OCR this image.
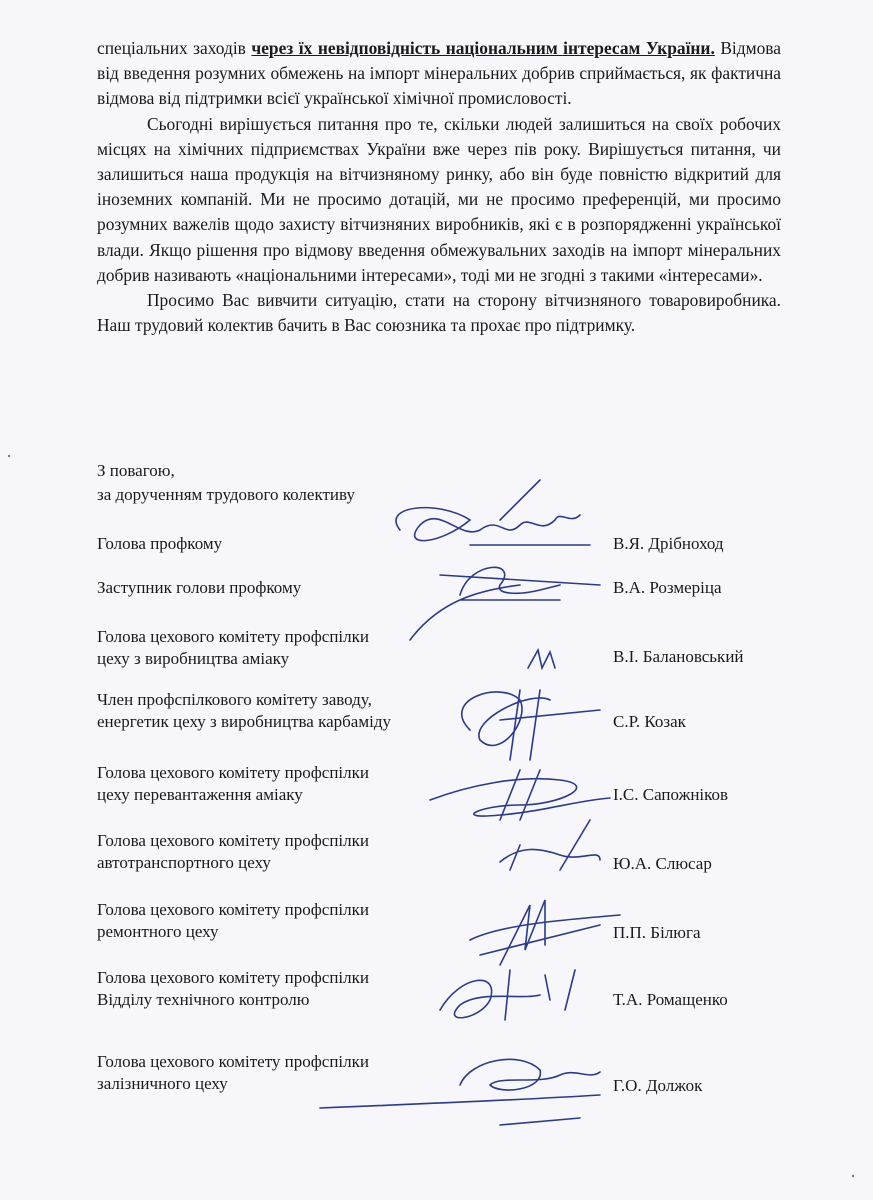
спеціальних заходів через їх невідповідність національним інтересам України. Відмова від введення розумних обмежень на імпорт мінеральних добрив сприймається, як фактична відмова від підтримки всієї української хімічної промисловості.

Сьогодні вирішується питання про те, скільки людей залишиться на своїх робочих місцях на хімічних підприємствах України вже через пів року. Вирішується питання, чи залишиться наша продукція на вітчизняному ринку, або він буде повністю відкритий для іноземних компаній. Ми не просимо дотацій, ми не просимо преференцій, ми просимо розумних важелів щодо захисту вітчизняних виробників, які є в розпорядженні української влади. Якщо рішення про відмову введення обмежувальних заходів на імпорт мінеральних добрив називають «національними інтересами», тоді ми не згодні з такими «інтересами».

Просимо Вас вивчити ситуацію, стати на сторону вітчизняного товаровиробника. Наш трудовий колектив бачить в Вас союзника та прохає про підтримку.

З повагою,
за дорученням трудового колективу
Голова профкому	В.Я. Дрібноход
Заступник голови профкому	В.А. Розмеріца
Голова цехового комітету профспілки
цеху з виробництва аміаку	В.І. Балановський
Член профспілкового комітету заводу,
енергетик цеху з виробництва карбаміду	С.Р. Козак
Голова цехового комітету профспілки
цеху перевантаження аміаку	І.С. Сапожніков
Голова цехового комітету профспілки
автотранспортного цеху	Ю.А. Слюсар
Голова цехового комітету профспілки
ремонтного цеху	П.П. Білюга
Голова цехового комітету профспілки
Відділу технічного контролю	Т.А. Ромащенко
Голова цехового комітету профспілки
залізничного цеху	Г.О. Должок
